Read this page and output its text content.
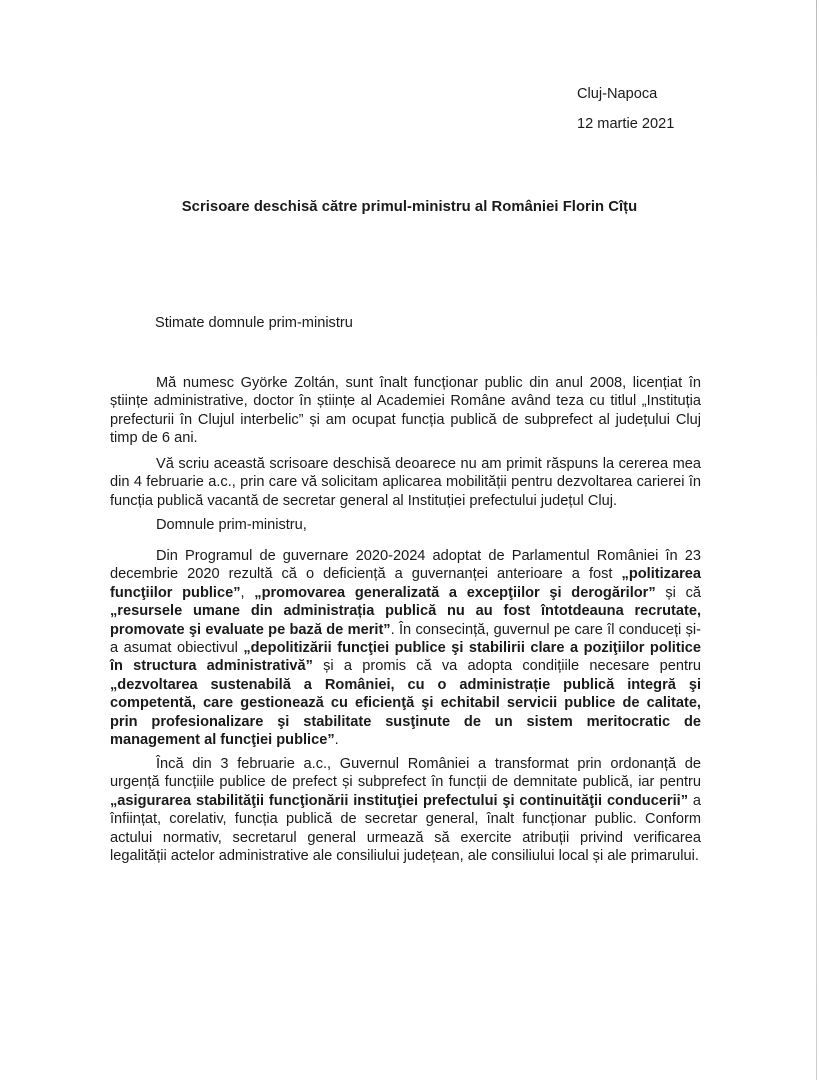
Cluj-Napoca
12 martie 2021
Scrisoare deschisă către primul-ministru al României Florin Cîțu
Stimate domnule prim-ministru

Mă numesc Györke Zoltán, sunt înalt funcționar public din anul 2008, licențiat în științe administrative, doctor în științe al Academiei Române având teza cu titlul „Instituția prefecturii în Clujul interbelic” și am ocupat funcția publică de subprefect al județului Cluj timp de 6 ani.

Vă scriu această scrisoare deschisă deoarece nu am primit răspuns la cererea mea din 4 februarie a.c., prin care vă solicitam aplicarea mobilității pentru dezvoltarea carierei în funcția publică vacantă de secretar general al Instituției prefectului județul Cluj.

Domnule prim-ministru,

Din Programul de guvernare 2020-2024 adoptat de Parlamentul României în 23 decembrie 2020 rezultă că o deficiență a guvernanței anterioare a fost „politizarea funcţiilor publice”, „promovarea generalizată a excepţiilor şi derogărilor” și că „resursele umane din administrația publică nu au fost întotdeauna recrutate, promovate şi evaluate pe bază de merit”. În consecință, guvernul pe care îl conduceți și-a asumat obiectivul „depolitizării funcţiei publice şi stabilirii clare a poziţiilor politice în structura administrativă” și a promis că va adopta condițiile necesare pentru „dezvoltarea sustenabilă a României, cu o administrație publică integră şi competentă, care gestionează cu eficienţă şi echitabil servicii publice de calitate, prin profesionalizare şi stabilitate susţinute de un sistem meritocratic de management al funcţiei publice”.

Încă din 3 februarie a.c., Guvernul României a transformat prin ordonanță de urgență funcțiile publice de prefect și subprefect în funcții de demnitate publică, iar pentru „asigurarea stabilităţii funcţionării instituţiei prefectului şi continuităţii conducerii” a înființat, corelativ, funcția publică de secretar general, înalt funcționar public. Conform actului normativ, secretarul general urmează să exercite atribuții privind verificarea legalității actelor administrative ale consiliului județean, ale consiliului local și ale primarului.
